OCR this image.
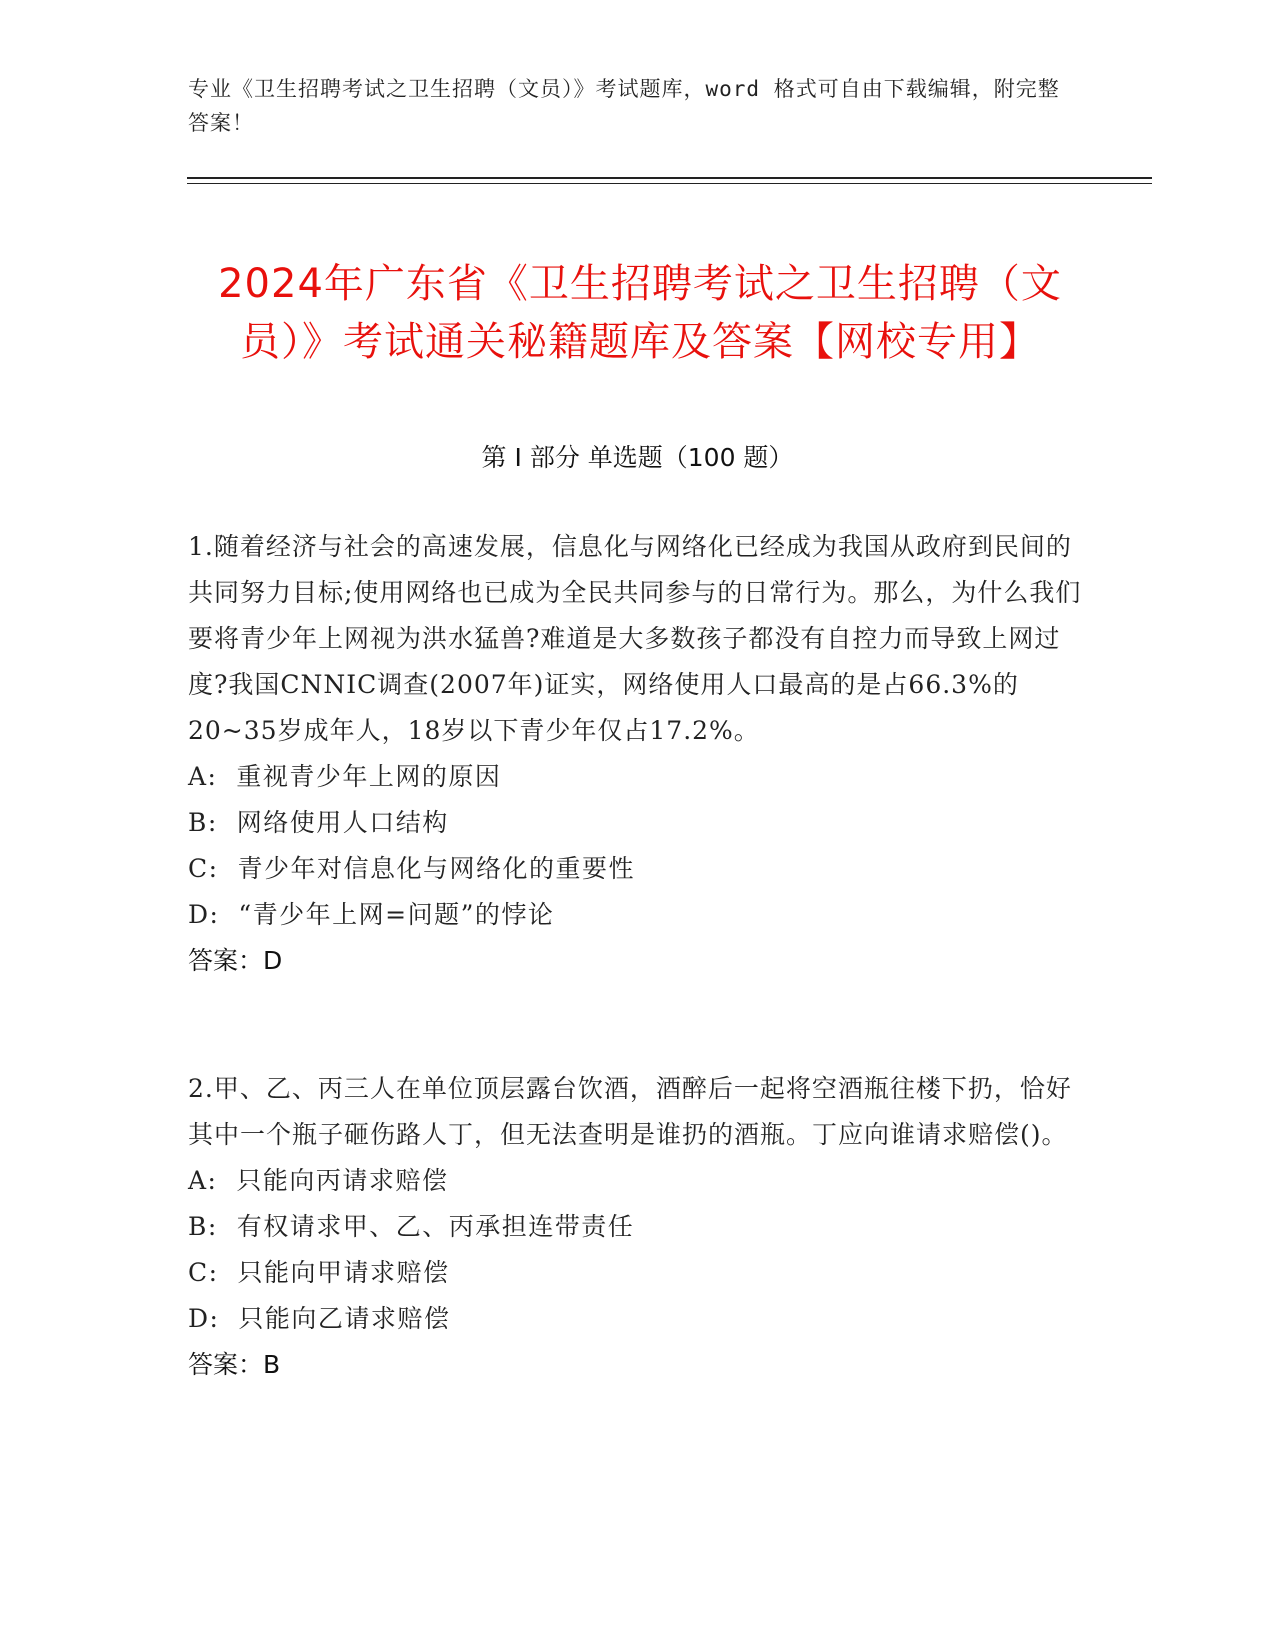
专业《卫生招聘考试之卫生招聘（文员）》考试题库，word 格式可自由下载编辑，附完整答案！
2024年广东省《卫生招聘考试之卫生招聘（文员）》考试通关秘籍题库及答案【网校专用】
第 I 部分 单选题（100 题）

1.随着经济与社会的高速发展，信息化与网络化已经成为我国从政府到民间的共同努力目标;使用网络也已成为全民共同参与的日常行为。那么，为什么我们要将青少年上网视为洪水猛兽?难道是大多数孩子都没有自控力而导致上网过度?我国CNNIC调查(2007年)证实，网络使用人口最高的是占66.3%的20~35岁成年人，18岁以下青少年仅占17.2%。

A:  重视青少年上网的原因

B:  网络使用人口结构

C:  青少年对信息化与网络化的重要性

D:  “青少年上网=问题”的悖论

答案：D

2.甲、乙、丙三人在单位顶层露台饮酒，酒醉后一起将空酒瓶往楼下扔，恰好其中一个瓶子砸伤路人丁，但无法查明是谁扔的酒瓶。丁应向谁请求赔偿()。

A:  只能向丙请求赔偿

B:  有权请求甲、乙、丙承担连带责任

C:  只能向甲请求赔偿

D:  只能向乙请求赔偿

答案：B
